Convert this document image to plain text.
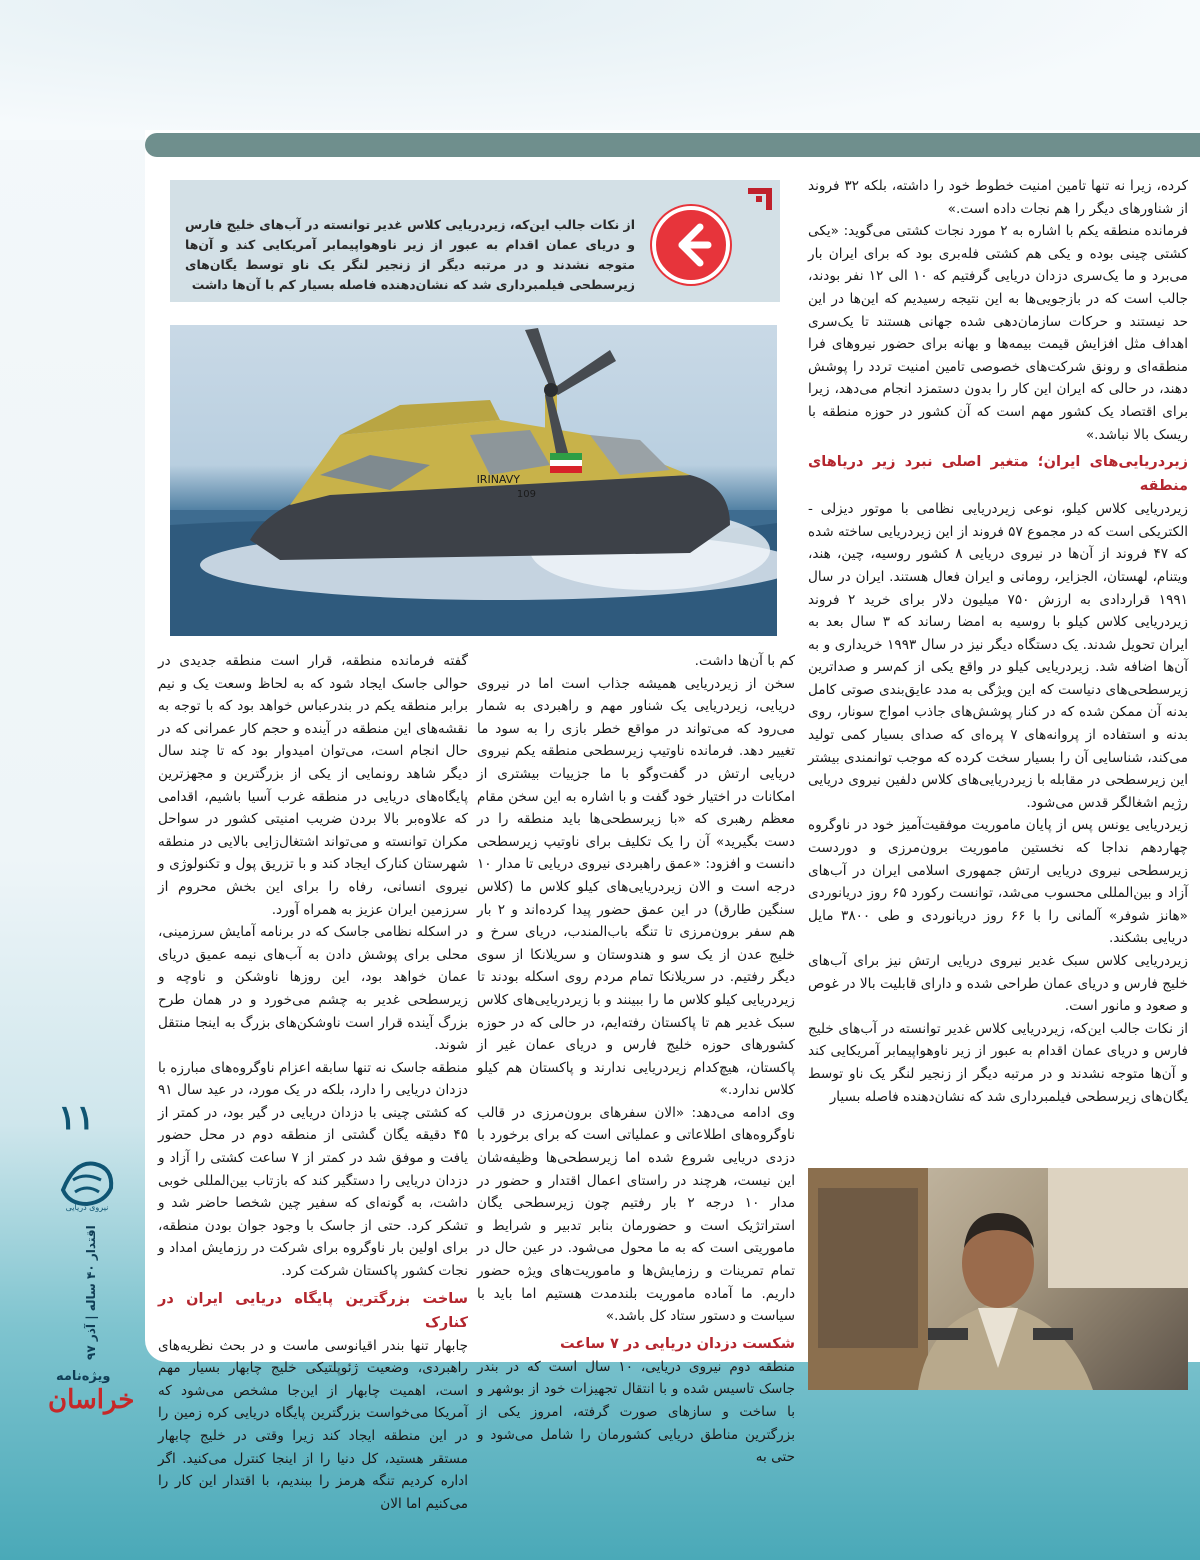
از نکات جالب این‌که، زیردریایی کلاس غدیر توانسته در آب‌های خلیج فارس و دریای عمان اقدام به عبور از زیر ناوهواپیمابر آمریکایی کند و آن‌ها متوجه نشدند و در مرتبه دیگر از زنجیر لنگر یک ناو توسط یگان‌های زیرسطحی فیلمبرداری شد که نشان‌دهنده فاصله بسیار کم با آن‌ها داشت
IRINAVY
109

کرده، زیرا نه تنها تامین امنیت خطوط خود را داشته، بلکه ۳۲ فروند از شناورهای دیگر را هم نجات داده است.»

فرمانده منطقه یکم با اشاره به ۲ مورد نجات کشتی می‌گوید: «یکی کشتی چینی بوده و یکی هم کشتی فله‌بری بود که برای ایران بار می‌برد و ما یک‌سری دزدان دریایی گرفتیم که ۱۰ الی ۱۲ نفر بودند، جالب است که در بازجویی‌ها به این نتیجه رسیدیم که این‌ها در این حد نیستند و حرکات سازمان‌دهی شده جهانی هستند تا یک‌سری اهداف مثل افزایش قیمت بیمه‌ها و بهانه برای حضور نیروهای فرا منطقه‌ای و رونق شرکت‌های خصوصی تامین امنیت تردد را پوشش دهند، در حالی که ایران این کار را بدون دستمزد انجام می‌دهد، زیرا برای اقتصاد یک کشور مهم است که آن کشور در حوزه منطقه با ریسک بالا نباشد.»

زیردریایی‌های ایران؛ متغیر اصلی نبرد زیر دریاهای منطقه

زیردریایی کلاس کیلو، نوعی زیردریایی نظامی با موتور دیزلی - الکتریکی است که در مجموع ۵۷ فروند از این زیردریایی ساخته شده که ۴۷ فروند از آن‌ها در نیروی دریایی ۸ کشور روسیه، چین، هند، ویتنام، لهستان، الجزایر، رومانی و ایران فعال هستند. ایران در سال ۱۹۹۱ قراردادی به ارزش ۷۵۰ میلیون دلار برای خرید ۲ فروند زیردریایی کلاس کیلو با روسیه به امضا رساند که ۳ سال بعد به ایران تحویل شدند. یک دستگاه دیگر نیز در سال ۱۹۹۳ خریداری و به آن‌ها اضافه شد. زیردریایی کیلو در واقع یکی از کم‌سر و صداترین زیرسطحی‌های دنیاست که این ویژگی به مدد عایق‌بندی صوتی کامل بدنه آن ممکن شده که در کنار پوشش‌های جاذب امواج سونار، روی بدنه و استفاده از پروانه‌های ۷ پره‌ای که صدای بسیار کمی تولید می‌کند، شناسایی آن را بسیار سخت کرده که موجب توانمندی بیشتر این زیرسطحی در مقابله با زیردریایی‌های کلاس دلفین نیروی دریایی رژیم اشغالگر قدس می‌شود.

زیردریایی یونس پس از پایان ماموریت موفقیت‌آمیز خود در ناوگروه چهاردهم نداجا که نخستین ماموریت برون‌مرزی و دوردست زیرسطحی نیروی دریایی ارتش جمهوری اسلامی ایران در آب‌های آزاد و بین‌المللی محسوب می‌شد، توانست رکورد ۶۵ روز دریانوردی «هانز شوفر» آلمانی را با ۶۶ روز دریانوردی و طی ۳۸۰۰ مایل دریایی بشکند.

زیردریایی کلاس سبک غدیر نیروی دریایی ارتش نیز برای آب‌های خلیج فارس و دریای عمان طراحی شده و دارای قابلیت بالا در غوص و صعود و مانور است.

از نکات جالب این‌که، زیردریایی کلاس غدیر توانسته در آب‌های خلیج فارس و دریای عمان اقدام به عبور از زیر ناوهواپیمابر آمریکایی کند و آن‌ها متوجه نشدند و در مرتبه دیگر از زنجیر لنگر یک ناو توسط یگان‌های زیرسطحی فیلمبرداری شد که نشان‌دهنده فاصله بسیار

کم با آن‌ها داشت.

سخن از زیردریایی همیشه جذاب است اما در نیروی دریایی، زیردریایی یک شناور مهم و راهبردی به شمار می‌رود که می‌تواند در مواقع خطر بازی را به سود ما تغییر دهد. فرمانده ناوتیپ زیرسطحی منطقه یکم نیروی دریایی ارتش در گفت‌وگو با ما جزییات بیشتری از امکانات در اختیار خود گفت و با اشاره به این سخن مقام معظم رهبری که «با زیرسطحی‌ها باید منطقه را در دست بگیرید» آن را یک تکلیف برای ناوتیپ زیرسطحی دانست و افزود: «عمق راهبردی نیروی دریایی تا مدار ۱۰ درجه است و الان زیردریایی‌های کیلو کلاس ما (کلاس سنگین طارق) در این عمق حضور پیدا کرده‌اند و ۲ بار هم سفر برون‌مرزی تا تنگه باب‌المندب، دریای سرخ و خلیج عدن از یک سو و هندوستان و سریلانکا از سوی دیگر رفتیم. در سریلانکا تمام مردم روی اسکله بودند تا زیردریایی کیلو کلاس ما را ببینند و با زیردریایی‌های کلاس سبک غدیر هم تا پاکستان رفته‌ایم، در حالی که در حوزه کشورهای حوزه خلیج فارس و دریای عمان غیر از پاکستان، هیچ‌کدام زیردریایی ندارند و پاکستان هم کیلو کلاس ندارد.»

وی ادامه می‌دهد: «الان سفرهای برون‌مرزی در قالب ناوگروه‌های اطلاعاتی و عملیاتی است که برای برخورد با دزدی دریایی شروع شده اما زیرسطحی‌ها وظیفه‌شان این نیست، هرچند در راستای اعمال اقتدار و حضور در مدار ۱۰ درجه ۲ بار رفتیم چون زیرسطحی یگان استراتژیک است و حضورمان بنابر تدبیر و شرایط و ماموریتی است که به ما محول می‌شود. در عین حال در تمام تمرینات و رزمایش‌ها و ماموریت‌های ویژه حضور داریم. ما آماده ماموریت بلندمدت هستیم اما باید با سیاست و دستور ستاد کل باشد.»

شکست دزدان دریایی در ۷ ساعت

منطقه دوم نیروی دریایی، ۱۰ سال است که در بندر جاسک تاسیس شده و با انتقال تجهیزات خود از بوشهر و با ساخت و سازهای صورت گرفته، امروز یکی از بزرگترین مناطق دریایی کشورمان را شامل می‌شود و حتی به

گفته فرمانده منطقه، قرار است منطقه جدیدی در حوالی جاسک ایجاد شود که به لحاظ وسعت یک و نیم برابر منطقه یکم در بندرعباس خواهد بود که با توجه به نقشه‌های این منطقه در آینده و حجم کار عمرانی که در حال انجام است، می‌توان امیدوار بود که تا چند سال دیگر شاهد رونمایی از یکی از بزرگترین و مجهزترین پایگاه‌های دریایی در منطقه غرب آسیا باشیم، اقدامی که علاوه‌بر بالا بردن ضریب امنیتی کشور در سواحل مکران توانسته و می‌تواند اشتغال‌زایی بالایی در منطقه شهرستان کنارک ایجاد کند و با تزریق پول و تکنولوژی و نیروی انسانی، رفاه را برای این بخش محروم از سرزمین ایران عزیز به همراه آورد.

در اسکله نظامی جاسک که در برنامه آمایش سرزمینی، محلی برای پوشش دادن به آب‌های نیمه عمیق دریای عمان خواهد بود، این روزها ناوشکن و ناوچه و زیرسطحی غدیر به چشم می‌خورد و در همان طرح بزرگ آینده قرار است ناوشکن‌های بزرگ به اینجا منتقل شوند.

منطقه جاسک نه تنها سابقه اعزام ناوگروه‌های مبارزه با دزدان دریایی را دارد، بلکه در یک مورد، در عید سال ۹۱ که کشتی چینی با دزدان دریایی در گیر بود، در کمتر از ۴۵ دقیقه یگان گشتی از منطقه دوم در محل حضور یافت و موفق شد در کمتر از ۷ ساعت کشتی را آزاد و دزدان دریایی را دستگیر کند که بازتاب بین‌المللی خوبی داشت، به گونه‌ای که سفیر چین شخصا حاضر شد و تشکر کرد. حتی از جاسک با وجود جوان بودن منطقه، برای اولین بار ناوگروه برای شرکت در رزمایش امداد و نجات کشور پاکستان شرکت کرد.

ساخت بزرگترین پایگاه دریایی ایران در کنارک

چابهار تنها بندر اقیانوسی ماست و در بحث نظریه‌های راهبردی، وضعیت ژئوپلتیکی خلیج چابهار بسیار مهم است، اهمیت چابهار از این‌جا مشخص می‌شود که آمریکا می‌خواست بزرگترین پایگاه دریایی کره زمین را در این منطقه ایجاد کند زیرا وقتی در خلیج چابهار مستقر هستید، کل دنیا را از اینجا کنترل می‌کنید. اگر اداره کردیم تنگه هرمز را ببندیم، با اقتدار این کار را می‌کنیم اما الان

۱۱
نیروی دریایی
اقتدار ۴۰ ساله | آذر ۹۷
ویژه‌نامه
خراسان
